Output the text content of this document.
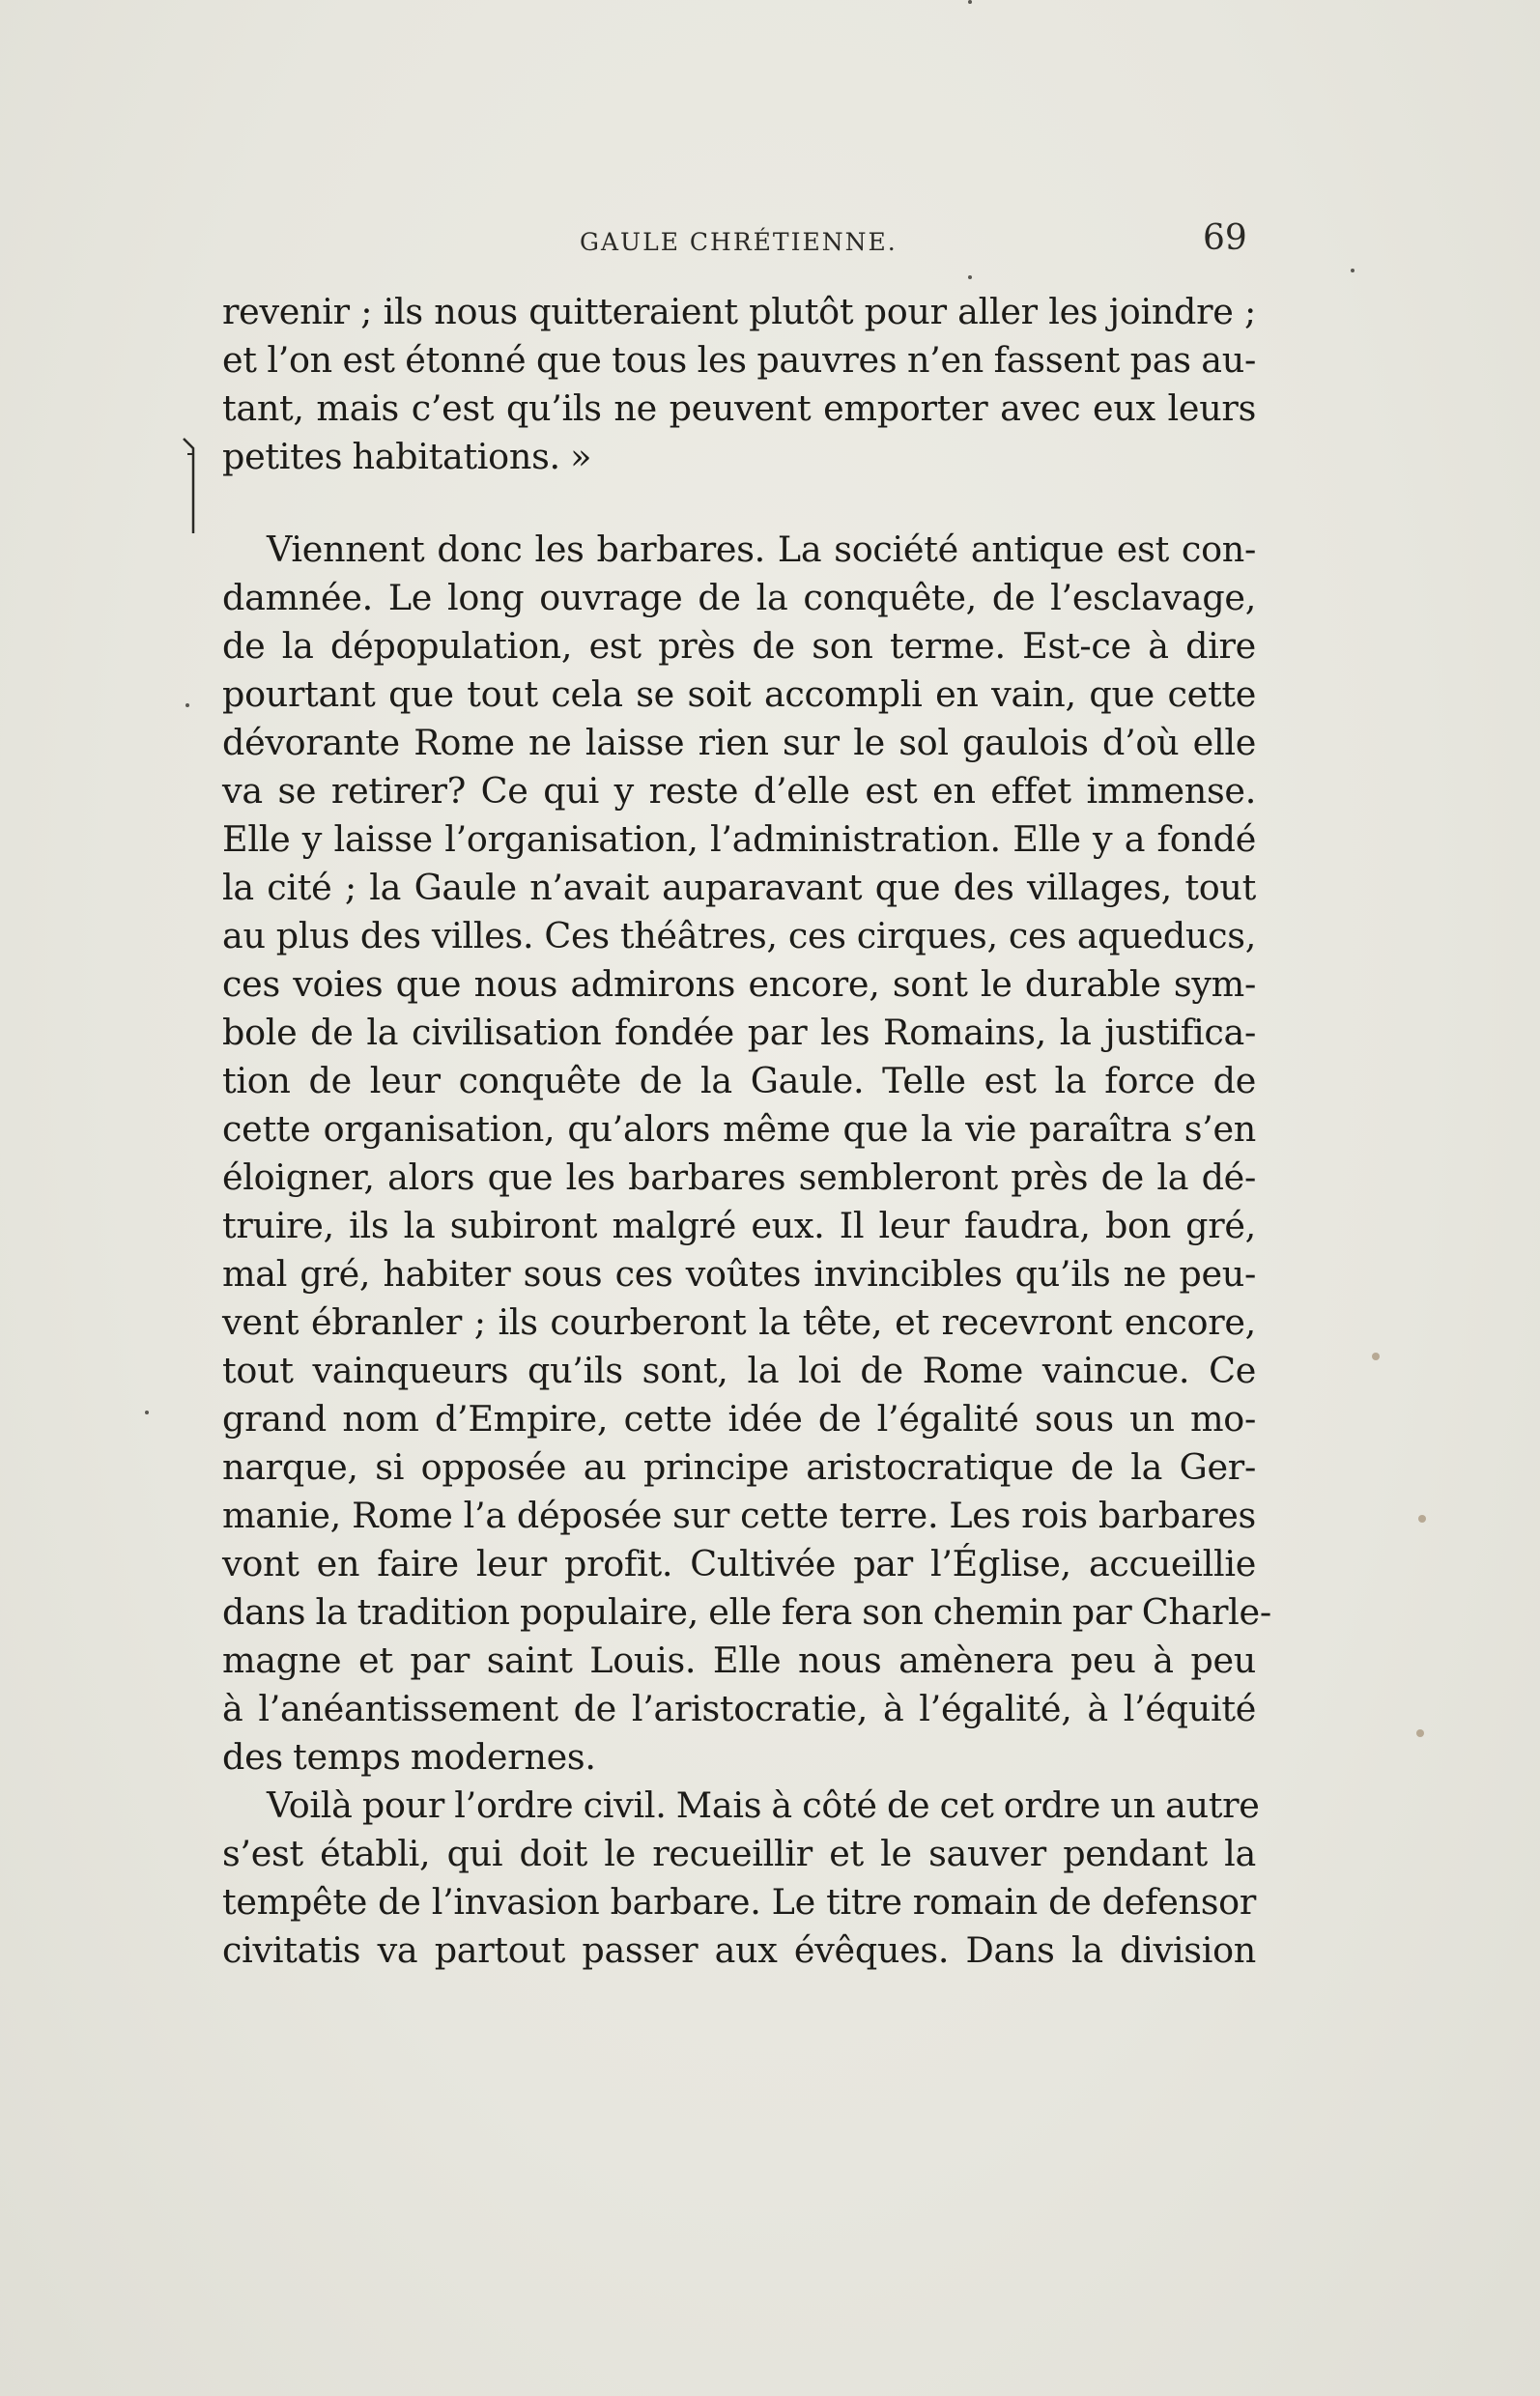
GAULE CHRÉTIENNE.	69
revenir ; ils nous quitteraient plutôt pour aller les joindre ;
et l’on est étonné que tous les pauvres n’en fassent pas au-
tant, mais c’est qu’ils ne peuvent emporter avec eux leurs
petites habitations. »
Viennent donc les barbares. La société antique est con-
damnée. Le long ouvrage de la conquête, de l’esclavage,
de la dépopulation, est près de son terme. Est-ce à dire
pourtant que tout cela se soit accompli en vain, que cette
dévorante Rome ne laisse rien sur le sol gaulois d’où elle
va se retirer? Ce qui y reste d’elle est en effet immense.
Elle y laisse l’organisation, l’administration. Elle y a fondé
la cité ; la Gaule n’avait auparavant que des villages, tout
au plus des villes. Ces théâtres, ces cirques, ces aqueducs,
ces voies que nous admirons encore, sont le durable sym-
bole de la civilisation fondée par les Romains, la justifica-
tion de leur conquête de la Gaule. Telle est la force de
cette organisation, qu’alors même que la vie paraîtra s’en
éloigner, alors que les barbares sembleront près de la dé-
truire, ils la subiront malgré eux. Il leur faudra, bon gré,
mal gré, habiter sous ces voûtes invincibles qu’ils ne peu-
vent ébranler ; ils courberont la tête, et recevront encore,
tout vainqueurs qu’ils sont, la loi de Rome vaincue. Ce
grand nom d’Empire, cette idée de l’égalité sous un mo-
narque, si opposée au principe aristocratique de la Ger-
manie, Rome l’a déposée sur cette terre. Les rois barbares
vont en faire leur profit. Cultivée par l’Église, accueillie
dans la tradition populaire, elle fera son chemin par Charle-
magne et par saint Louis. Elle nous amènera peu à peu
à l’anéantissement de l’aristocratie, à l’égalité, à l’équité
des temps modernes.
Voilà pour l’ordre civil. Mais à côté de cet ordre un autre
s’est établi, qui doit le recueillir et le sauver pendant la
tempête de l’invasion barbare. Le titre romain de defensor
civitatis va partout passer aux évêques. Dans la division
